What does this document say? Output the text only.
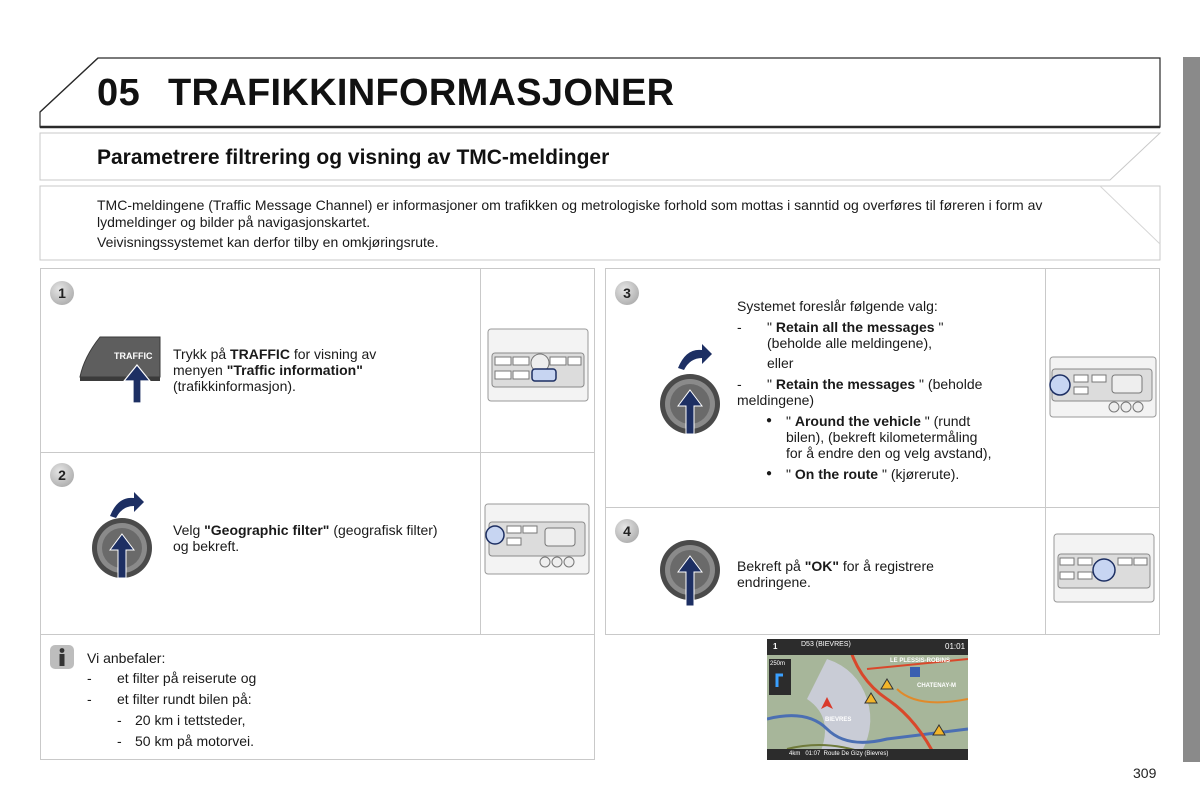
05 TRAFIKKINFORMASJONER
Parametrere filtrering og visning av TMC-meldinger

TMC-meldingene (Traffic Message Channel) er informasjoner om trafikken og metrologiske forhold som mottas i sanntid og overføres til føreren i form av lydmeldinger og bilder på navigasjonskartet.

Veivisningssystemet kan derfor tilby en omkjøringsrute.

1
2
3
4
TRAFFIC Trykk på TRAFFIC for visning av menyen "Traffic information" (trafikkinformasjon).
Velg "Geographic filter" (geografisk filter) og bekreft.
Systemet foreslår følgende valg:
- " Retain all the messages "
(beholde alle meldingene),
eller
- " Retain the messages " (beholde
meldingene)
● " Around the vehicle " (rundt
bilen), (bekreft kilometermåling
for å endre den og velg avstand),
● " On the route " (kjørerute).
Bekreft på "OK" for å registrere endringene.
Vi anbefaler:
- et filter på reiserute og
- et filter rundt bilen på:
- 20 km i tettsteder,
- 50 km på motorvei.
D53 (BIEVRES)
1	01:01
250m	LE PLESSIS-ROBINS
CHATENAY-M
BIEVRES
4km   01:07  Route De Gizy (Bievres)
309
